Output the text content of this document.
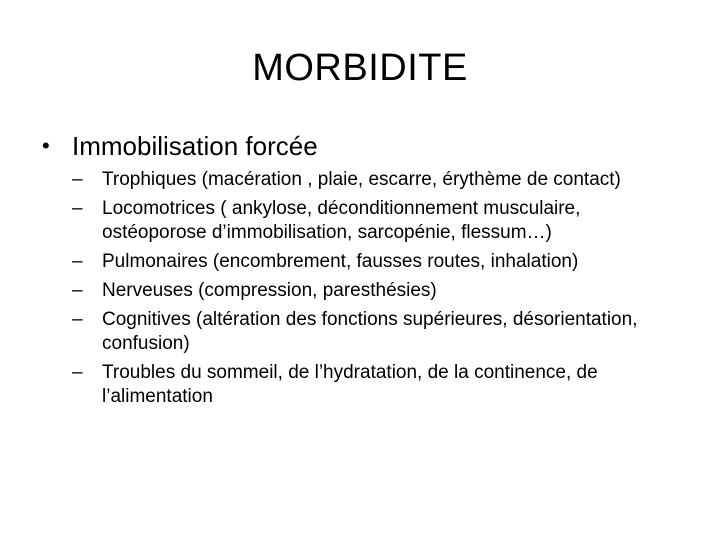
MORBIDITE
• Immobilisation forcée
– Trophiques (macération , plaie, escarre, érythème de contact)
– Locomotrices ( ankylose, déconditionnement musculaire, ostéoporose d’immobilisation, sarcopénie, flessum…)
– Pulmonaires (encombrement, fausses routes, inhalation)
– Nerveuses (compression, paresthésies)
– Cognitives (altération des fonctions supérieures, désorientation, confusion)
– Troubles du sommeil, de l’hydratation, de la continence, de l’alimentation
